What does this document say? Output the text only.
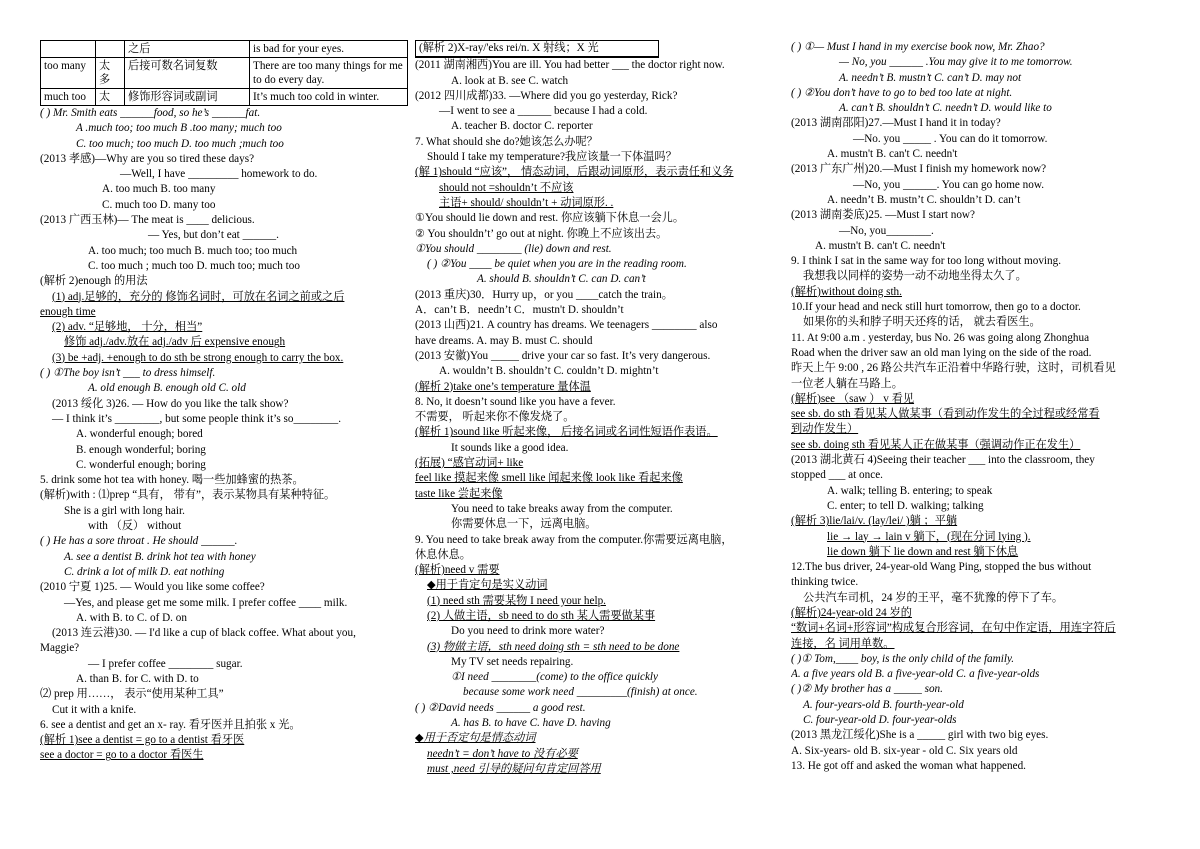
		之后	is bad for your eyes.
too many	太多	后接可数名词复数	There are too many things for me to do every day.
much too	太	修饰形容词或副词	It’s much too cold in winter.
( ) Mr. Smith eats ______food, so he’s ______fat.
A .much too; too much B .too many; much too
C. too much; too much D. too much ;much too
(2013 孝感)—Why are you so tired these days?
—Well, I have _________ homework to do.
A. too much B. too many
C. much too D. many too
(2013 广西玉林)— The meat is ____ delicious.
— Yes, but don’t eat ______.
A. too much; too much B. much too; too much
C. too much ; much too D. much too; much too
(解析 2)enough 的用法
(1) adj.足够的，充分的 修饰名词时，可放在名词之前或之后
enough time
(2) adv. “足够地， 十分，相当”
修饰 adj./adv.放在 adj./adv 后 expensive enough
(3) be +adj. +enough to do sth be strong enough to carry the box.
( ) ①The boy isn’t ___ to dress himself.
A. old enough B. enough old C. old
(2013 绥化 3)26. — How do you like the talk show?
— I think it’s ________, but some people think it’s so________.
A. wonderful enough; bored
B. enough wonderful; boring
C. wonderful enough; boring
5. drink some hot tea with honey. 喝一些加蜂蜜的热茶。
(解析)with : ⑴prep “具有， 带有”，表示某物具有某种特征。
She is a girl with long hair.
with （反） without
( ) He has a sore throat . He should ______.
A. see a dentist B. drink hot tea with honey
C. drink a lot of milk D. eat nothing
(2010 宁夏 1)25. — Would you like some coffee?
—Yes, and please get me some milk. I prefer coffee ____ milk.
A. with B. to C. of D. on
(2013 连云港)30. — I'd like a cup of black coffee. What about you,
Maggie?
— I prefer coffee ________ sugar.
A. than B. for C. with D. to
⑵ prep 用……， 表示“使用某种工具”
Cut it with a knife.
6. see a dentist and get an x- ray. 看牙医并且拍张 x 光。
(解析 1)see a dentist = go to a dentist 看牙医
see a doctor = go to a doctor 看医生
(解析 2)X-ray/'eks rei/n. X 射线；X 光
(2011 湖南湘西)You are ill. You had better ___ the doctor right now.
A. look at B. see C. watch
(2012 四川成都)33. —Where did you go yesterday, Rick?
—I went to see a ______ because I had a cold.
A. teacher B. doctor C. reporter
7. What should she do?她该怎么办呢？
Should I take my temperature?我应该量一下体温吗？
(解 1)should “应该”， 情态动词，后跟动词原形，表示责任和义务
should not =shouldn’t 不应该
主语+ should/ shouldn’t + 动词原形. .
①You should lie down and rest. 你应该躺下休息一会儿。
② You shouldn’t’ go out at night. 你晚上不应该出去。
①You should ________ (lie) down and rest.
( ) ②You ____ be quiet when you are in the reading room.
A. should B. shouldn’t C. can D. can’t
(2013 重庆)30．Hurry up，or you ____catch the train。
A．can’t B．needn’t C．mustn't D. shouldn’t
(2013 山西)21. A country has dreams. We teenagers ________ also
have dreams. A. may B. must C. should
(2013 安徽)You _____ drive your car so fast. It’s very dangerous.
A. wouldn’t B. shouldn’t C. couldn’t D. mightn’t
(解析 2)take one’s temperature 量体温
8. No, it doesn’t sound like you have a fever.
不需要， 听起来你不像发烧了。
(解析 1)sound like 听起来像， 后接名词或名词性短语作表语。
It sounds like a good idea.
(拓展) “感官动词+ like
feel like 摸起来像 smell like 闻起来像 look like 看起来像
taste like 尝起来像
You need to take breaks away from the computer.
你需要休息一下，远离电脑。
9. You need to take break away from the computer.你需要远离电脑，
休息休息。
(解析)need v 需要
◆用于肯定句是实义动词
(1) need sth 需要某物 I need your help.
(2) 人做主语，sb need to do sth 某人需要做某事
Do you need to drink more water?
(3) 物做主语，sth need doing sth = sth need to be done
My TV set needs repairing.
①I need ________(come) to the office quickly
because some work need _________(finish) at once.
( ) ②David needs ______ a good rest.
A. has B. to have C. have D. having
◆用于否定句是情态动词
needn’t = don’t have to 没有必要
must ,need 引导的疑问句肯定回答用
( ) ①— Must I hand in my exercise book now, Mr. Zhao?
— No, you ______ .You may give it to me tomorrow.
A. needn’t B. mustn’t C. can’t D. may not
( ) ②You don’t have to go to bed too late at night.
A. can’t B. shouldn’t C. needn’t D. would like to
(2013 湖南邵阳)27.—Must I hand it in today?
—No. you _____ . You can do it tomorrow.
A. mustn't B. can't C. needn't
(2013 广东广州)20.—Must I finish my homework now?
—No, you ______. You can go home now.
A. needn’t B. mustn’t C. shouldn’t D. can’t
(2013 湖南娄底)25. —Must I start now?
—No, you________.
A. mustn't B. can't C. needn't
9. I think I sat in the same way for too long without moving.
我想我以同样的姿势一动不动地坐得太久了。
(解析)without doing sth.
10.If your head and neck still hurt tomorrow, then go to a doctor.
如果你的头和脖子明天还疼的话， 就去看医生。
11. At 9:00 a.m . yesterday, bus No. 26 was going along Zhonghua
Road when the driver saw an old man lying on the side of the road.
昨天上午 9:00 , 26 路公共汽车正沿着中华路行驶，这时，司机看见
一位老人躺在马路上。
(解析)see （saw ） v 看见
see sb. do sth 看见某人做某事（看到动作发生的全过程或经常看
到动作发生）
see sb. doing sth 看见某人正在做某事（强调动作正在发生）
(2013 湖北黄石 4)Seeing their teacher ___ into the classroom, they
stopped ___ at once.
A. walk; telling B. entering; to speak
C. enter; to tell D. walking; talking
(解析 3)lie/lai/v. (lay/lei/ )躺 ；平躺
lie → lay → lain v 躺下，(现在分词 lying ).
lie down 躺下 lie down and rest 躺下休息
12.The bus driver, 24-year-old Wang Ping, stopped the bus without
thinking twice.
公共汽车司机，24 岁的王平，毫不犹豫的停下了车。
(解析)24-year-old 24 岁的
“数词+名词+形容词”构成复合形容词，在句中作定语，用连字符后
连接，名 词用单数。
( )① Tom,____ boy, is the only child of the family.
A. a five years old B. a five-year-old C. a five-year-olds
( )② My brother has a _____ son.
A. four-years-old B. fourth-year-old
C. four-year-old D. four-year-olds
(2013 黑龙江绥化)She is a _____ girl with two big eyes.
A. Six-years- old B. six-year - old C. Six years old
13. He got off and asked the woman what happened.
